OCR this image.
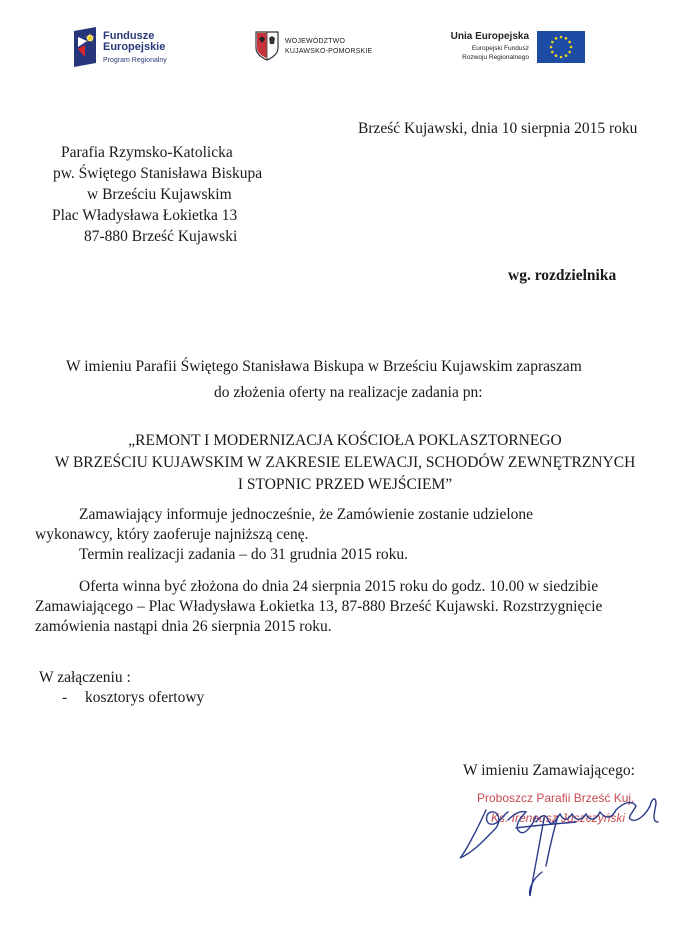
Fundusze
Europejskie
Program Regionalny
WOJEWÓDZTWO
KUJAWSKO-POMORSKIE
Unia Europejska
Europejski Fundusz
Rozwoju Regionalnego
Brześć Kujawski, dnia 10 sierpnia 2015 roku
Parafia Rzymsko-Katolicka
pw. Świętego Stanisława Biskupa
w Brześciu Kujawskim
Plac Władysława Łokietka 13
87-880 Brześć Kujawski
wg. rozdzielnika
W imieniu Parafii Świętego Stanisława Biskupa w Brześciu Kujawskim zapraszam
do złożenia oferty na realizacje zadania pn:
„REMONT I MODERNIZACJA KOŚCIOŁA POKLASZTORNEGO
W BRZEŚCIU KUJAWSKIM W ZAKRESIE ELEWACJI, SCHODÓW ZEWNĘTRZNYCH
I STOPNIC PRZED WEJŚCIEM”
Zamawiający informuje jednocześnie, że Zamówienie zostanie udzielone
wykonawcy, który zaoferuje najniższą cenę.
Termin realizacji zadania – do 31 grudnia 2015 roku.
Oferta winna być złożona do dnia 24 sierpnia 2015 roku do godz. 10.00 w siedzibie
Zamawiającego – Plac Władysława Łokietka 13, 87-880 Brześć Kujawski. Rozstrzygnięcie
zamówienia nastąpi dnia 26 sierpnia 2015 roku.
W załączeniu :
- kosztorys ofertowy
W imieniu Zamawiającego:
Proboszcz Parafii Brześć Kuj.
Ks. Ireneusz Juszczyński
